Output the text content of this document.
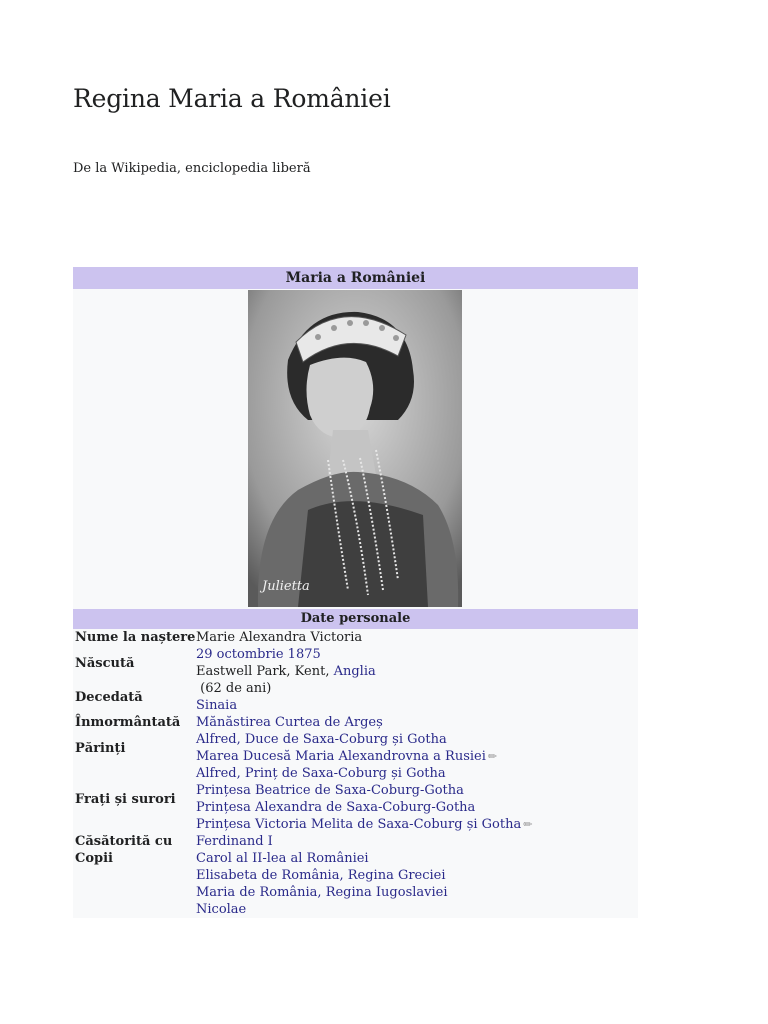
Regina Maria a României
De la Wikipedia, enciclopedia liberă
Maria a României
Julietta
Date personale
Nume la naștere	Marie Alexandra Victoria
Născută	29 octombrie 1875
Eastwell Park, Kent, Anglia
Decedată	(62 de ani)
Sinaia
Înmormântată	Mănăstirea Curtea de Argeș
Părinți	Alfred, Duce de Saxa-Coburg și Gotha
Marea Ducesă Maria Alexandrovna a Rusiei ✏
Frați și surori	Alfred, Prinț de Saxa-Coburg și Gotha
Prințesa Beatrice de Saxa-Coburg-Gotha
Prințesa Alexandra de Saxa-Coburg-Gotha
Prințesa Victoria Melita de Saxa-Coburg și Gotha ✏
Căsătorită cu	Ferdinand I
Copii	Carol al II-lea al României
Elisabeta de România, Regina Greciei
Maria de România, Regina Iugoslaviei
Nicolae
